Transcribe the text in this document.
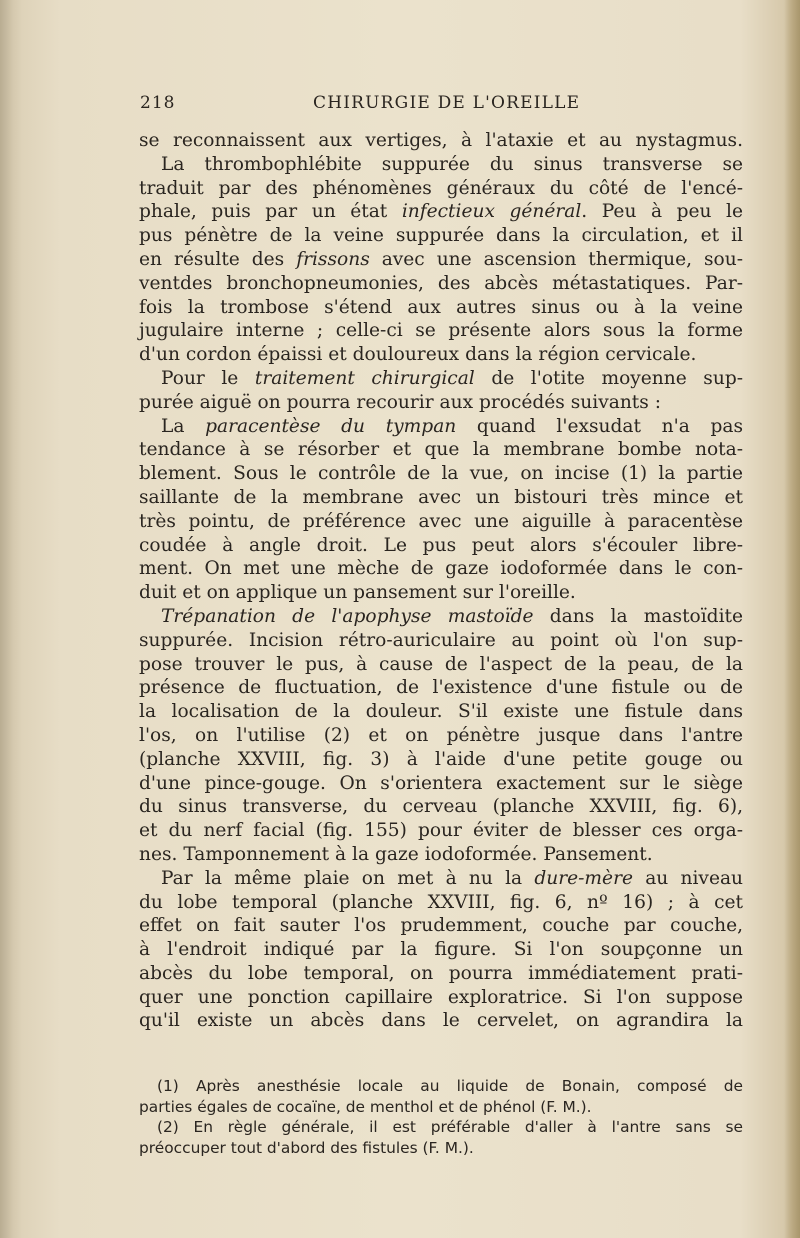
218	CHIRURGIE DE L'OREILLE
se reconnaissent aux vertiges, à l'ataxie et au nystagmus.
La thrombophlébite suppurée du sinus transverse se
traduit par des phénomènes généraux du côté de l'encé-
phale, puis par un état infectieux général. Peu à peu le
pus pénètre de la veine suppurée dans la circulation, et il
en résulte des frissons avec une ascension thermique, sou-
ventdes bronchopneumonies, des abcès métastatiques. Par-
fois la trombose s'étend aux autres sinus ou à la veine
jugulaire interne ; celle-ci se présente alors sous la forme
d'un cordon épaissi et douloureux dans la région cervicale.
Pour le traitement chirurgical de l'otite moyenne sup-
purée aiguë on pourra recourir aux procédés suivants :
La paracentèse du tympan quand l'exsudat n'a pas
tendance à se résorber et que la membrane bombe nota-
blement. Sous le contrôle de la vue, on incise (1) la partie
saillante de la membrane avec un bistouri très mince et
très pointu, de préférence avec une aiguille à paracentèse
coudée à angle droit. Le pus peut alors s'écouler libre-
ment. On met une mèche de gaze iodoformée dans le con-
duit et on applique un pansement sur l'oreille.
Trépanation de l'apophyse mastoïde dans la mastoïdite
suppurée. Incision rétro-auriculaire au point où l'on sup-
pose trouver le pus, à cause de l'aspect de la peau, de la
présence de fluctuation, de l'existence d'une fistule ou de
la localisation de la douleur. S'il existe une fistule dans
l'os, on l'utilise (2) et on pénètre jusque dans l'antre
(planche XXVIII, fig. 3) à l'aide d'une petite gouge ou
d'une pince-gouge. On s'orientera exactement sur le siège
du sinus transverse, du cerveau (planche XXVIII, fig. 6),
et du nerf facial (fig. 155) pour éviter de blesser ces orga-
nes. Tamponnement à la gaze iodoformée. Pansement.
Par la même plaie on met à nu la dure-mère au niveau
du lobe temporal (planche XXVIII, fig. 6, nº 16) ; à cet
effet on fait sauter l'os prudemment, couche par couche,
à l'endroit indiqué par la figure. Si l'on soupçonne un
abcès du lobe temporal, on pourra immédiatement prati-
quer une ponction capillaire exploratrice. Si l'on suppose
qu'il existe un abcès dans le cervelet, on agrandira la
(1) Après anesthésie locale au liquide de Bonain, composé de
parties égales de cocaïne, de menthol et de phénol (F. M.).
(2) En règle générale, il est préférable d'aller à l'antre sans se
préoccuper tout d'abord des fistules (F. M.).
